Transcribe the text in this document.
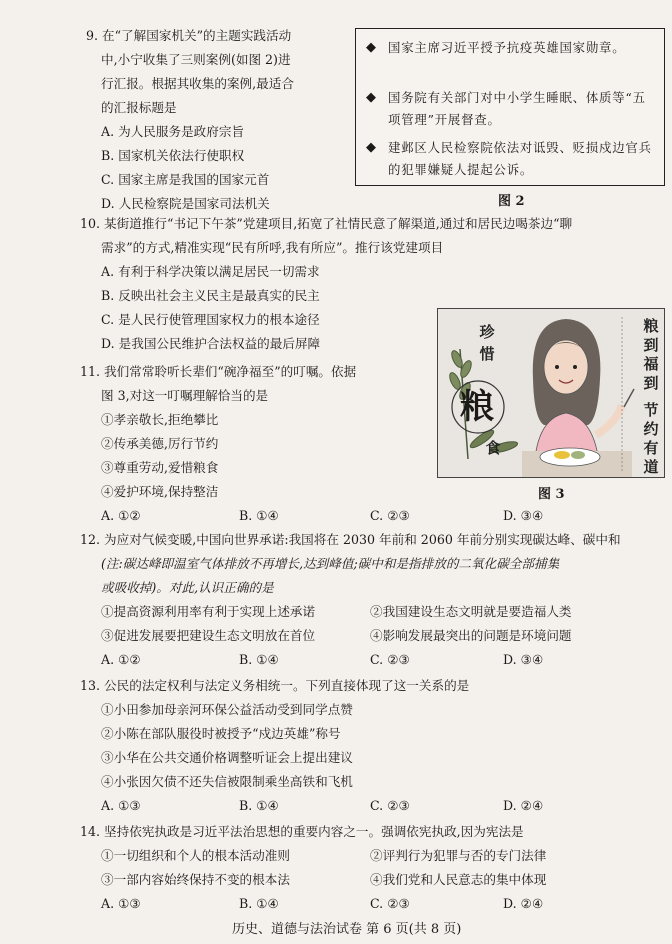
9. 在“了解国家机关”的主题实践活动
中,小宁收集了三则案例(如图 2)进
行汇报。根据其收集的案例,最适合
的汇报标题是
A. 为人民服务是政府宗旨
B. 国家机关依法行使职权
C. 国家主席是我国的国家元首
D. 人民检察院是国家司法机关
◆ 国家主席习近平授予抗疫英雄国家勋章。
◆ 国务院有关部门对中小学生睡眠、体质等“五项管理”开展督查。
◆ 建邺区人民检察院依法对诋毁、贬损戍边官兵的犯罪嫌疑人提起公诉。
图 2
10. 某街道推行“书记下午茶”党建项目,拓宽了社情民意了解渠道,通过和居民边喝茶边“聊
需求”的方式,精准实现“民有所呼,我有所应”。推行该党建项目
A. 有利于科学决策以满足居民一切需求
B. 反映出社会主义民主是最真实的民主
C. 是人民行使管理国家权力的根本途径
D. 是我国公民维护合法权益的最后屏障
珍
惜
粮
食
粮
到
福
到
节
约
有
道
图 3
11. 我们常常聆听长辈们“碗净福至”的叮嘱。依据
图 3,对这一叮嘱理解恰当的是
①孝亲敬长,拒绝攀比
②传承美德,厉行节约
③尊重劳动,爱惜粮食
④爱护环境,保持整洁
A. ①②	B. ①④	C. ②③	D. ③④
12. 为应对气候变暖,中国向世界承诺:我国将在 2030 年前和 2060 年前分别实现碳达峰、碳中和
(注:碳达峰即温室气体排放不再增长,达到峰值;碳中和是指排放的二氧化碳全部捕集
或吸收掉)。对此,认识正确的是
①提高资源利用率有利于实现上述承诺	②我国建设生态文明就是要造福人类
③促进发展要把建设生态文明放在首位	④影响发展最突出的问题是环境问题
A. ①②	B. ①④	C. ②③	D. ③④
13. 公民的法定权利与法定义务相统一。下列直接体现了这一关系的是
①小田参加母亲河环保公益活动受到同学点赞
②小陈在部队服役时被授予“戍边英雄”称号
③小华在公共交通价格调整听证会上提出建议
④小张因欠债不还失信被限制乘坐高铁和飞机
A. ①③	B. ①④	C. ②③	D. ②④
14. 坚持依宪执政是习近平法治思想的重要内容之一。强调依宪执政,因为宪法是
①一切组织和个人的根本活动准则	②评判行为犯罪与否的专门法律
③一部内容始终保持不变的根本法	④我们党和人民意志的集中体现
A. ①③	B. ①④	C. ②③	D. ②④
历史、道德与法治试卷 第 6 页(共 8 页)
